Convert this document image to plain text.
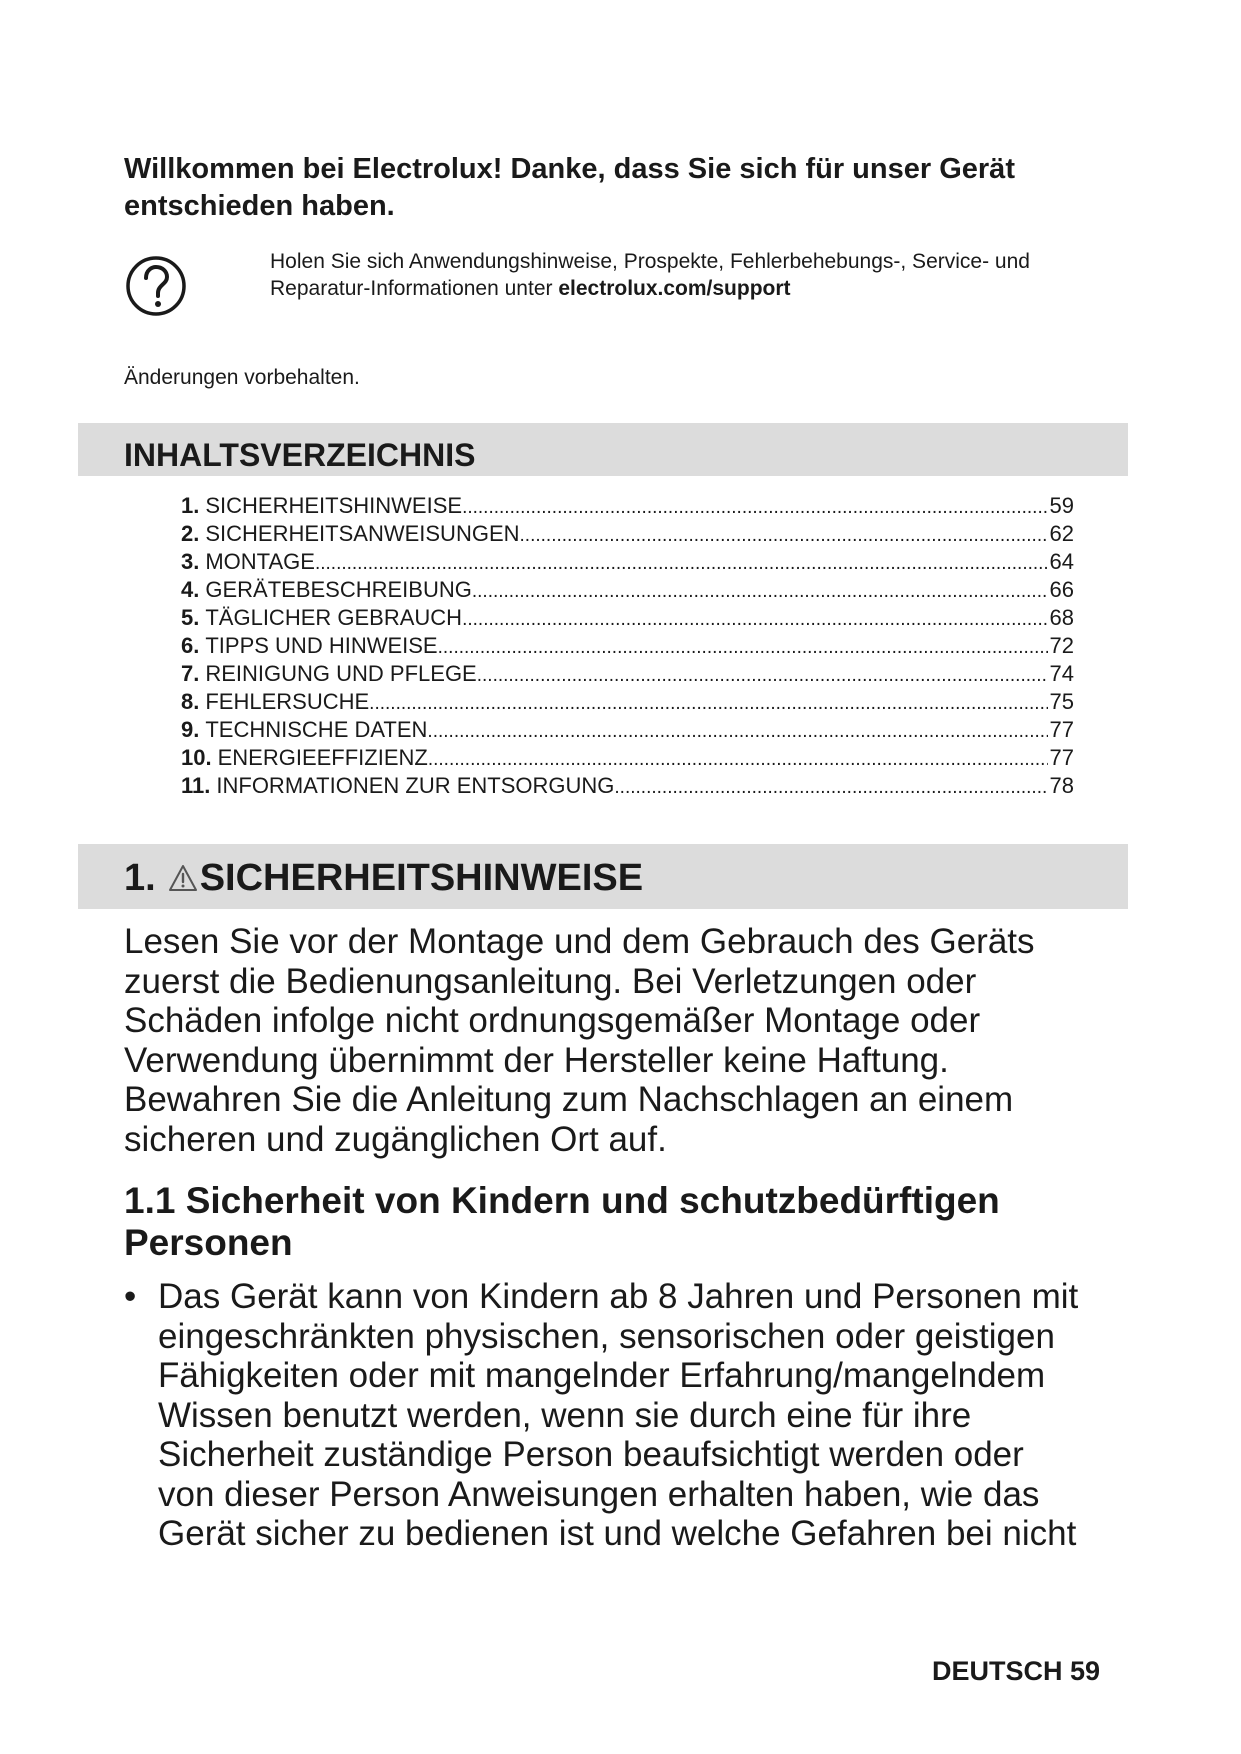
Willkommen bei Electrolux! Danke, dass Sie sich für unser Gerät
entschieden haben.

Holen Sie sich Anwendungshinweise, Prospekte, Fehlerbehebungs-, Service- und
Reparatur-Informationen unter electrolux.com/support

Änderungen vorbehalten.

INHALTSVERZEICHNIS
1. SICHERHEITSHINWEISE .....	59
2. SICHERHEITSANWEISUNGEN .....	62
3. MONTAGE .....	64
4. GERÄTEBESCHREIBUNG .....	66
5. TÄGLICHER GEBRAUCH .....	68
6. TIPPS UND HINWEISE .....	72
7. REINIGUNG UND PFLEGE .....	74
8. FEHLERSUCHE .....	75
9. TECHNISCHE DATEN .....	77
10. ENERGIEEFFIZIENZ .....	77
11. INFORMATIONEN ZUR ENTSORGUNG .....	78
1. SICHERHEITSHINWEISE

Lesen Sie vor der Montage und dem Gebrauch des Geräts
zuerst die Bedienungsanleitung. Bei Verletzungen oder
Schäden infolge nicht ordnungsgemäßer Montage oder
Verwendung übernimmt der Hersteller keine Haftung.
Bewahren Sie die Anleitung zum Nachschlagen an einem
sicheren und zugänglichen Ort auf.

1.1 Sicherheit von Kindern und schutzbedürftigen
Personen
• Das Gerät kann von Kindern ab 8 Jahren und Personen mit
eingeschränkten physischen, sensorischen oder geistigen
Fähigkeiten oder mit mangelnder Erfahrung/mangelndem
Wissen benutzt werden, wenn sie durch eine für ihre
Sicherheit zuständige Person beaufsichtigt werden oder
von dieser Person Anweisungen erhalten haben, wie das
Gerät sicher zu bedienen ist und welche Gefahren bei nicht

DEUTSCH 59
